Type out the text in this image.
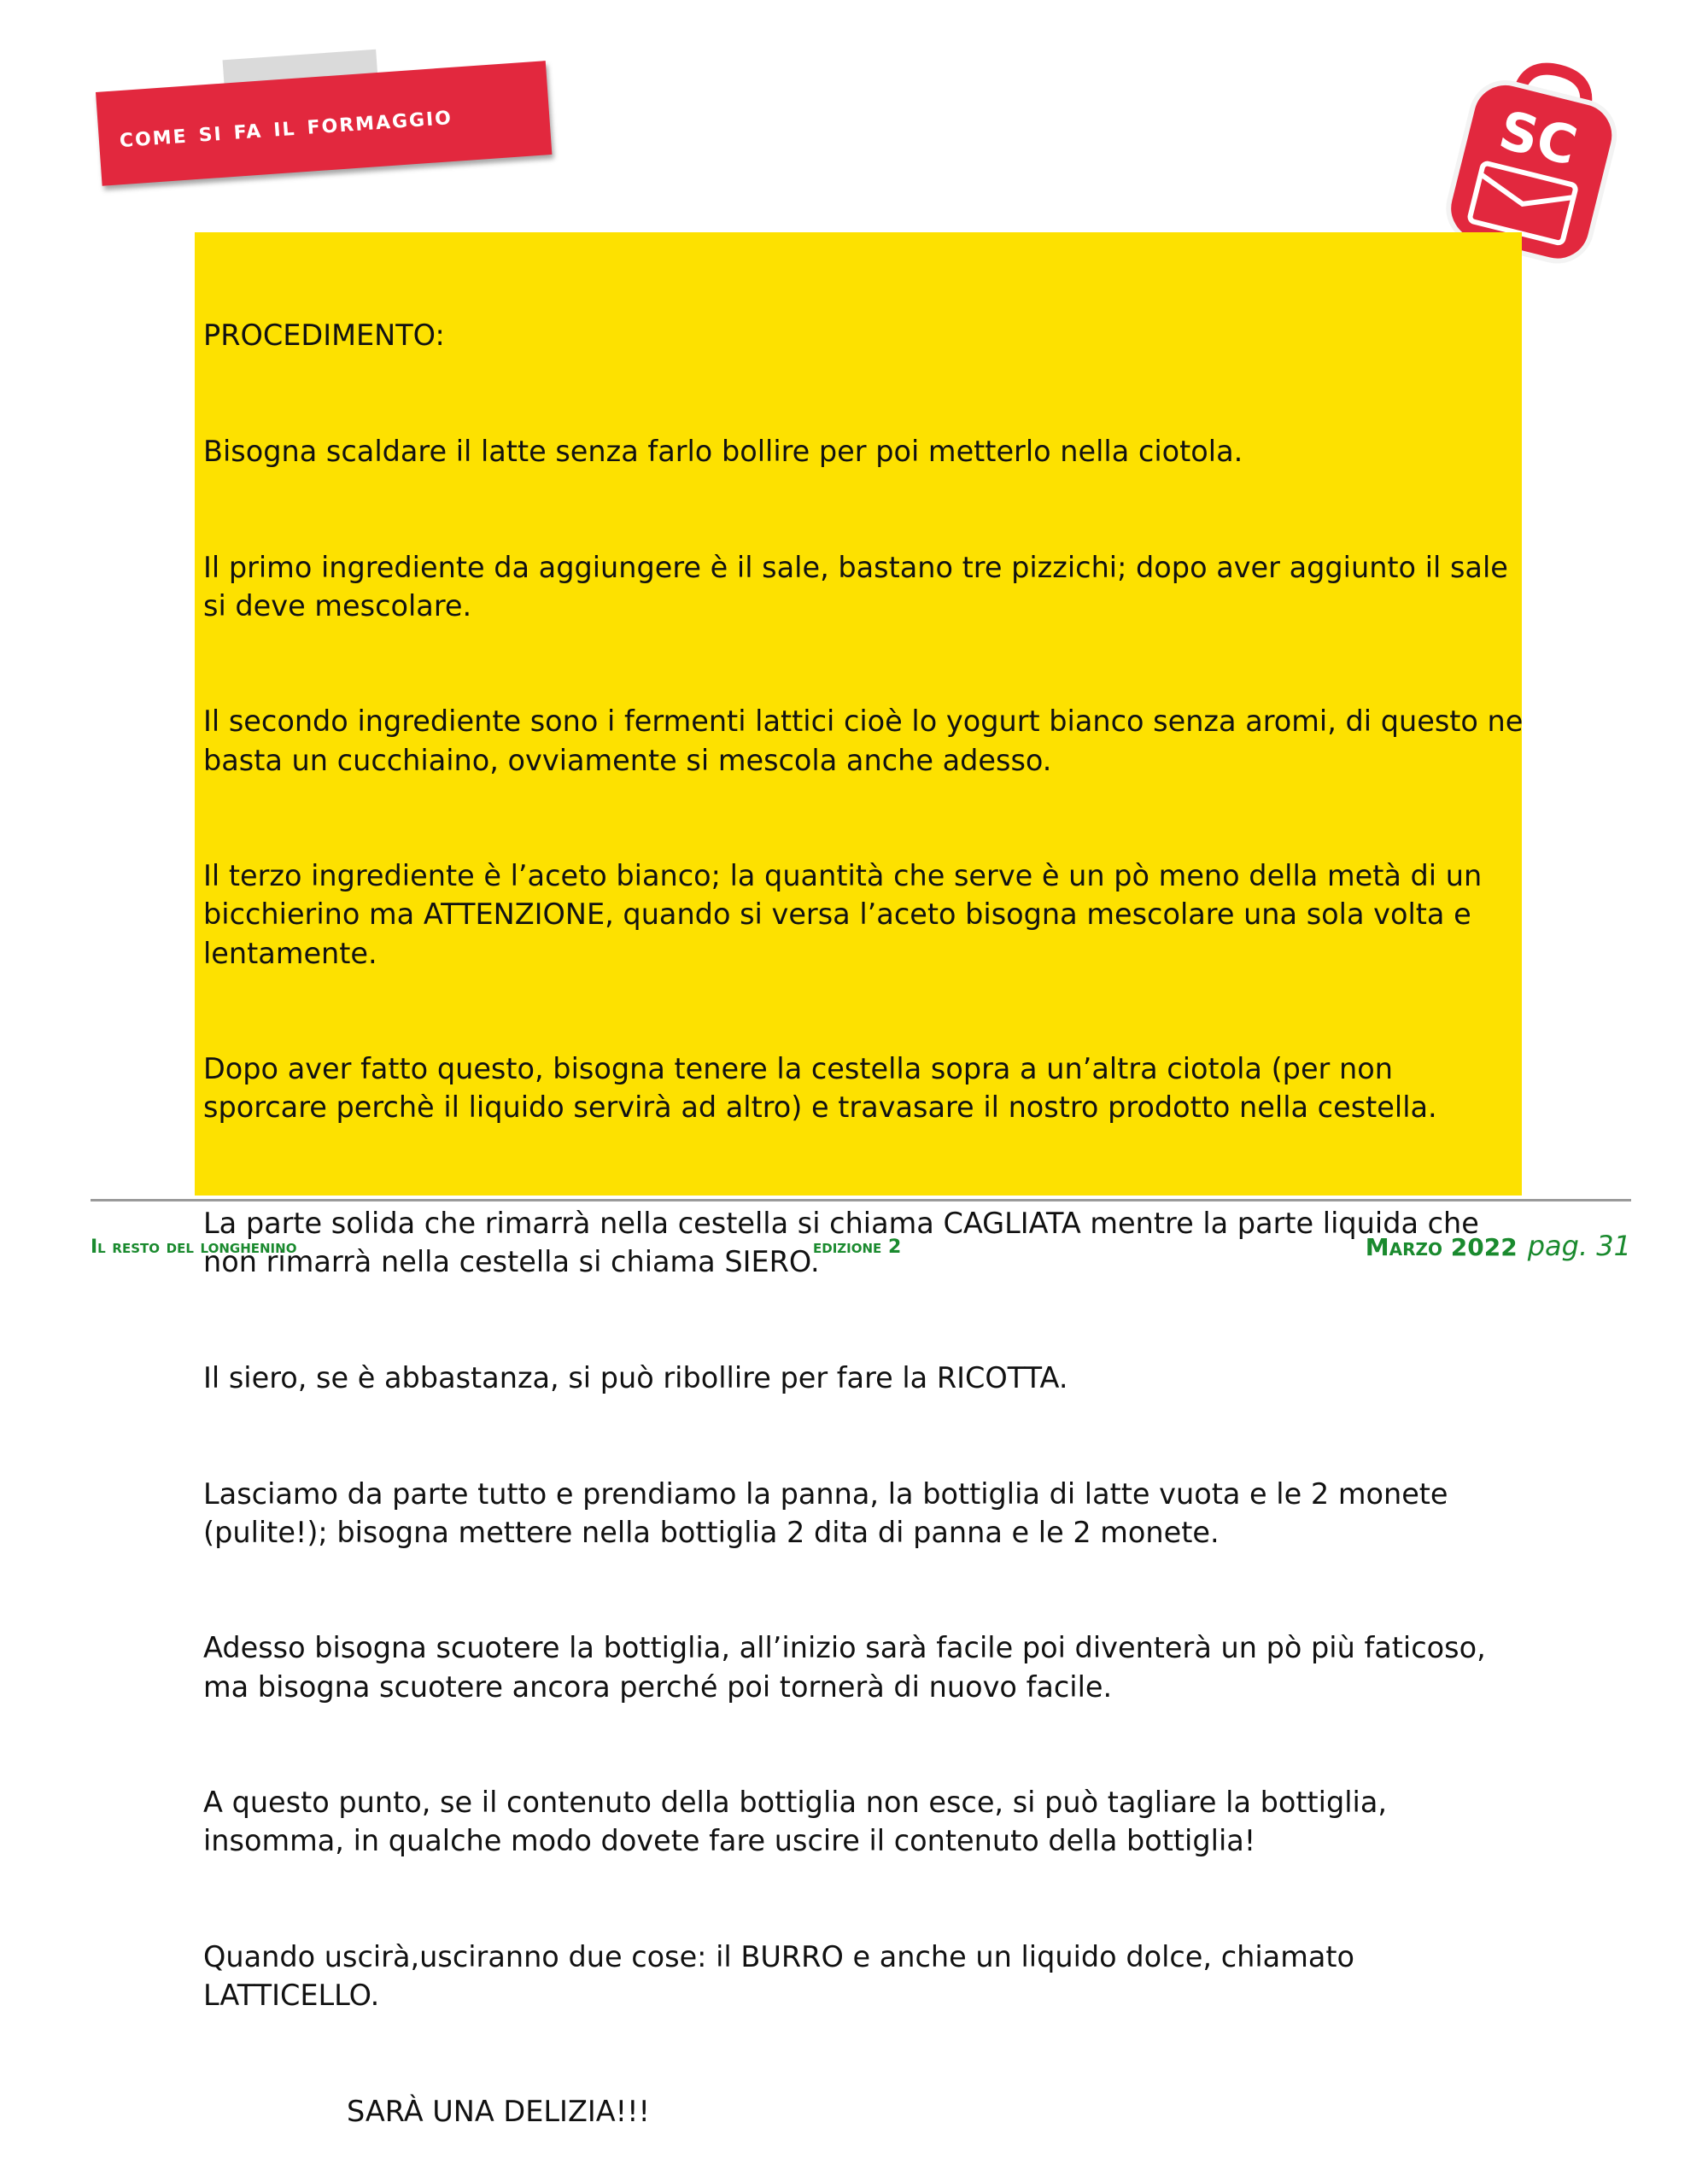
come si fa il formaggio	SC

PROCEDIMENTO:

Bisogna scaldare il latte senza farlo bollire per poi metterlo nella ciotola.

Il primo ingrediente da aggiungere è il sale, bastano tre pizzichi; dopo aver aggiunto il sale si deve mescolare.

Il secondo ingrediente sono i fermenti lattici cioè lo yogurt bianco senza aromi, di questo ne basta un cucchiaino, ovviamente si mescola anche adesso.

Il terzo ingrediente è l’aceto bianco; la quantità che serve è un pò meno della metà di un bicchierino ma ATTENZIONE, quando si versa l’aceto bisogna mescolare una sola volta e lentamente.

Dopo aver fatto questo, bisogna tenere la cestella sopra a un’altra ciotola (per non sporcare perchè il liquido servirà ad altro) e travasare il nostro prodotto nella cestella.

La parte solida che rimarrà nella cestella si chiama CAGLIATA mentre la parte liquida che non rimarrà nella cestella si chiama SIERO.

Il siero, se è abbastanza, si può ribollire per fare la RICOTTA.

Lasciamo da parte tutto e prendiamo la panna, la bottiglia di latte vuota e le 2 monete (pulite!); bisogna mettere nella bottiglia 2 dita di panna e le 2 monete.

Adesso bisogna scuotere la bottiglia, all’inizio sarà facile poi diventerà un pò più faticoso, ma bisogna scuotere ancora perché poi tornerà di nuovo facile.

A questo punto, se il contenuto della bottiglia non esce, si può tagliare la bottiglia, insomma, in qualche modo dovete fare uscire il contenuto della bottiglia!

Quando uscirà,usciranno due cose: il BURRO e anche un liquido dolce, chiamato LATTICELLO.

SARÀ UNA DELIZIA!!!

Il resto del longhenino	edizione 2	Marzo 2022 pag. 31
